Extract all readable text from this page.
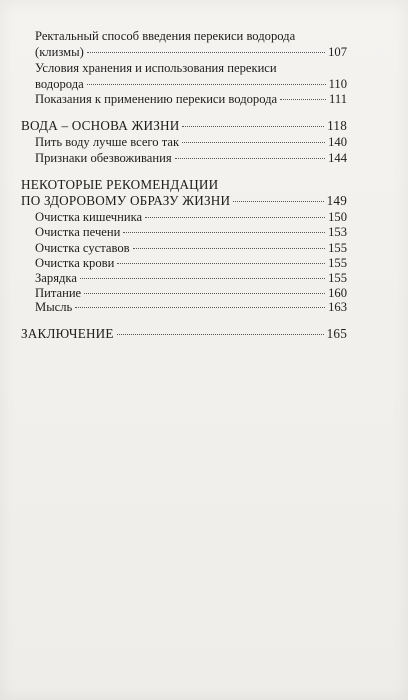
Ректальный способ введения перекиси водорода
(клизмы)	107
Условия хранения и использования перекиси
водорода	110
Показания к применению перекиси водорода	111
ВОДА – ОСНОВА ЖИЗНИ	118
Пить воду лучше всего так	140
Признаки обезвоживания	144
НЕКОТОРЫЕ РЕКОМЕНДАЦИИ
ПО ЗДОРОВОМУ ОБРАЗУ ЖИЗНИ	149
Очистка кишечника	150
Очистка печени	153
Очистка суставов	155
Очистка крови	155
Зарядка	155
Питание	160
Мысль	163
ЗАКЛЮЧЕНИЕ	165
